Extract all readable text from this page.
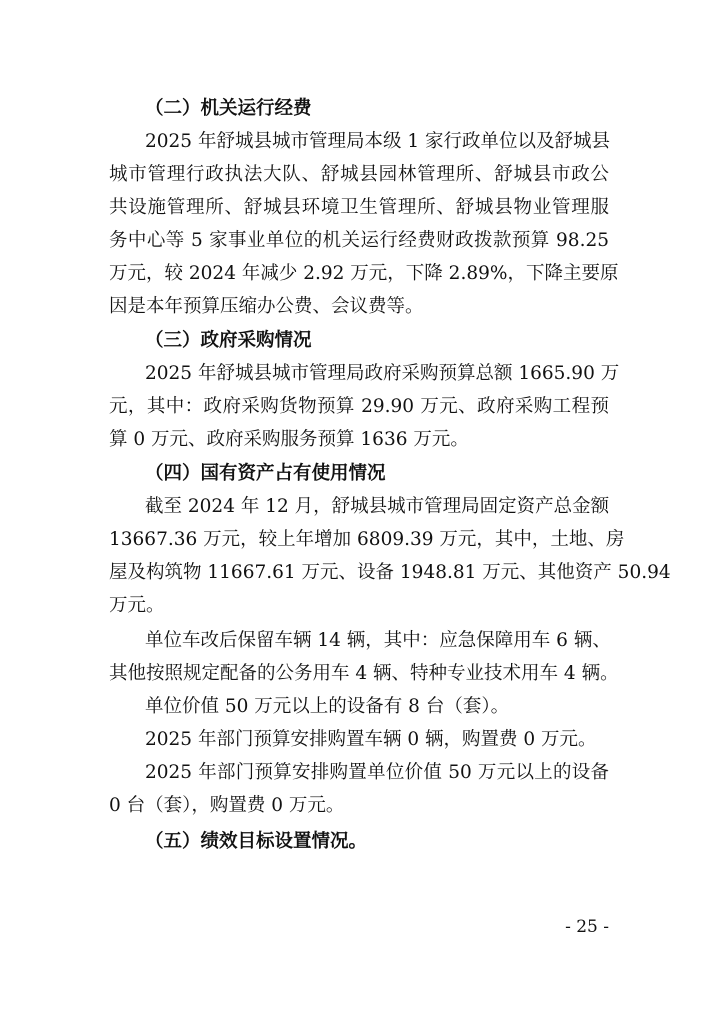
（二）机关运行经费
2025 年舒城县城市管理局本级 1 家行政单位以及舒城县
城市管理行政执法大队、舒城县园林管理所、舒城县市政公
共设施管理所、舒城县环境卫生管理所、舒城县物业管理服
务中心等 5 家事业单位的机关运行经费财政拨款预算 98.25
万元，较 2024 年减少 2.92 万元，下降 2.89%，下降主要原
因是本年预算压缩办公费、会议费等。
（三）政府采购情况
2025 年舒城县城市管理局政府采购预算总额 1665.90 万
元，其中：政府采购货物预算 29.90 万元、政府采购工程预
算 0 万元、政府采购服务预算 1636 万元。
（四）国有资产占有使用情况
截至 2024 年 12 月，舒城县城市管理局固定资产总金额
13667.36 万元，较上年增加 6809.39 万元，其中，土地、房
屋及构筑物 11667.61 万元、设备 1948.81 万元、其他资产 50.94
万元。
单位车改后保留车辆 14 辆，其中：应急保障用车 6 辆、
其他按照规定配备的公务用车 4 辆、特种专业技术用车 4 辆。
单位价值 50 万元以上的设备有 8 台（套）。
2025 年部门预算安排购置车辆 0 辆，购置费 0 万元。
2025 年部门预算安排购置单位价值 50 万元以上的设备
0 台（套），购置费 0 万元。
（五）绩效目标设置情况。
- 25 -
